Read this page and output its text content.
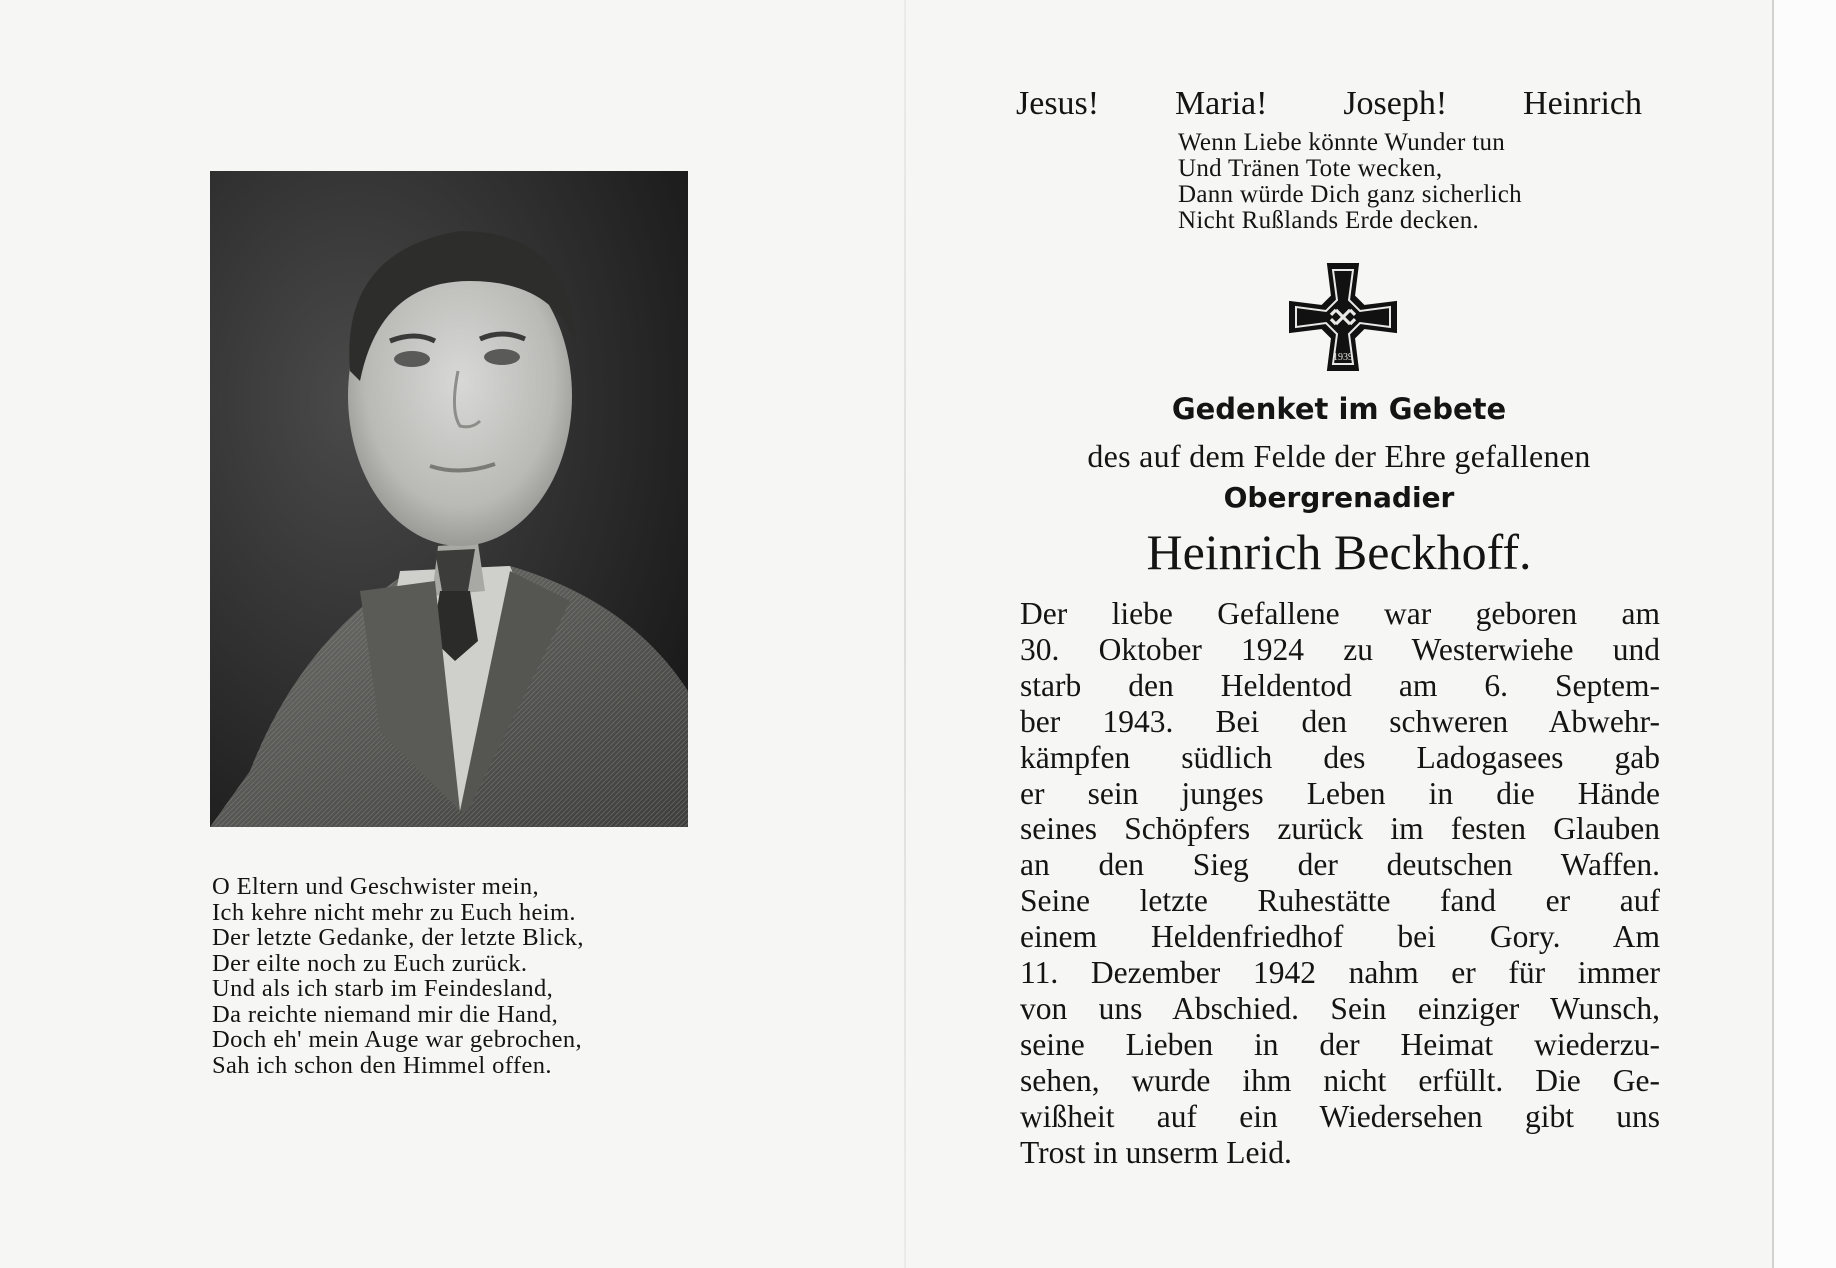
O Eltern und Geschwister mein,
Ich kehre nicht mehr zu Euch heim.
Der letzte Gedanke, der letzte Blick,
Der eilte noch zu Euch zurück.
Und als ich starb im Feindesland,
Da reichte niemand mir die Hand,
Doch eh' mein Auge war gebrochen,
Sah ich schon den Himmel offen.
Jesus! Maria! Joseph! Heinrich
Wenn Liebe könnte Wunder tun
Und Tränen Tote wecken,
Dann würde Dich ganz sicherlich
Nicht Rußlands Erde decken.
1939
Gedenket im Gebete
des auf dem Felde der Ehre gefallenen
Obergrenadier
Heinrich Beckhoff.
Der liebe Gefallene war geboren am
30. Oktober 1924 zu Westerwiehe und
starb den Heldentod am 6. Septem-
ber 1943. Bei den schweren Abwehr-
kämpfen südlich des Ladogasees gab
er sein junges Leben in die Hände
seines Schöpfers zurück im festen Glauben
an den Sieg der deutschen Waffen.
Seine letzte Ruhestätte fand er auf
einem Heldenfriedhof bei Gory. Am
11. Dezember 1942 nahm er für immer
von uns Abschied. Sein einziger Wunsch,
seine Lieben in der Heimat wiederzu-
sehen, wurde ihm nicht erfüllt. Die Ge-
wißheit auf ein Wiedersehen gibt uns
Trost in unserm Leid.
